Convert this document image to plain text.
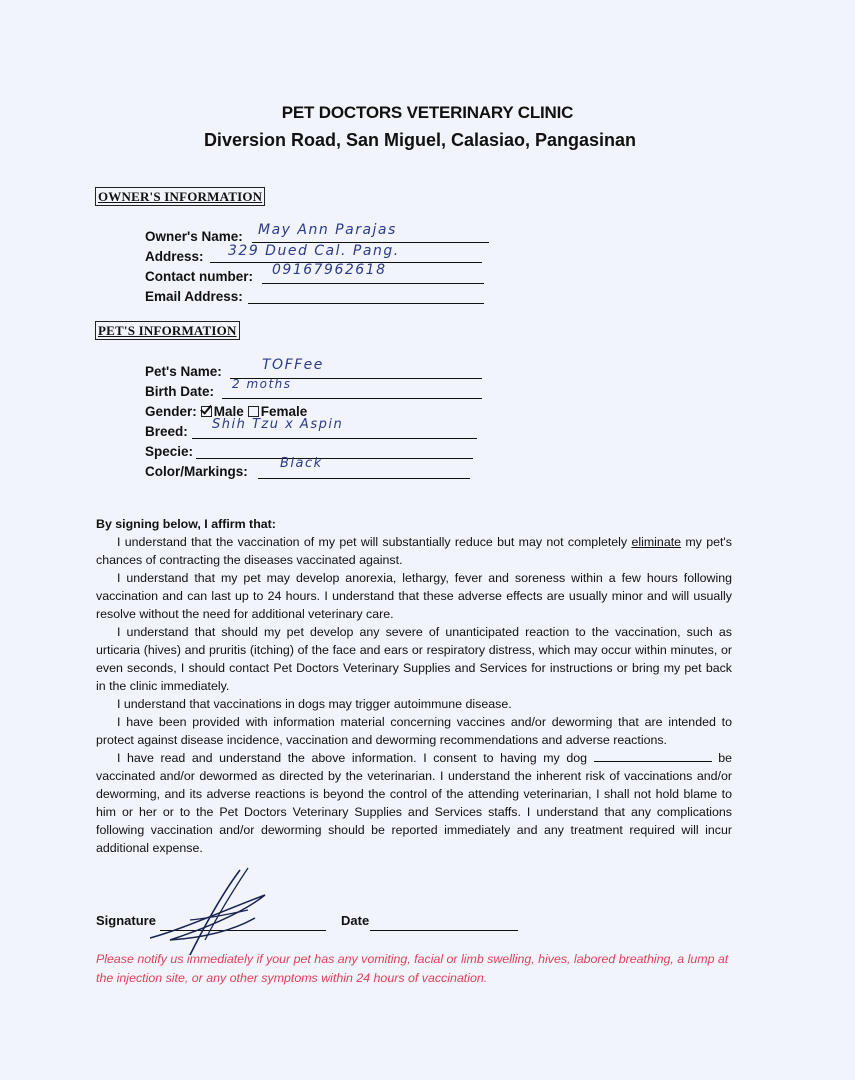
PET DOCTORS VETERINARY CLINIC
Diversion Road, San Miguel, Calasiao, Pangasinan
OWNER'S INFORMATION
Owner's Name: May Ann Parajas
Address: 329 Dued Cal. Pang.
Contact number: 09167962618
Email Address:
PET'S INFORMATION
Pet's Name:	TOFFee
Birth Date: 2 moths
Gender: Male Female
Breed: Shih Tzu x Aspin
Specie:
Color/Markings:
Black
By signing below, I affirm that:

I understand that the vaccination of my pet will substantially reduce but may not completely eliminate my pet's chances of contracting the diseases vaccinated against.

I understand that my pet may develop anorexia, lethargy, fever and soreness within a few hours following vaccination and can last up to 24 hours. I understand that these adverse effects are usually minor and will usually resolve without the need for additional veterinary care.

I understand that should my pet develop any severe of unanticipated reaction to the vaccination, such as urticaria (hives) and pruritis (itching) of the face and ears or respiratory distress, which may occur within minutes, or even seconds, I should contact Pet Doctors Veterinary Supplies and Services for instructions or bring my pet back in the clinic immediately.

I understand that vaccinations in dogs may trigger autoimmune disease.

I have been provided with information material concerning vaccines and/or deworming that are intended to protect against disease incidence, vaccination and deworming recommendations and adverse reactions.

I have read and understand the above information. I consent to having my dog	be vaccinated and/or dewormed as directed by the veterinarian. I understand the inherent risk of vaccinations and/or deworming, and its adverse reactions is beyond the control of the attending veterinarian, I shall not hold blame to him or her or to the Pet Doctors Veterinary Supplies and Services staffs. I understand that any complications following vaccination and/or deworming should be reported immediately and any treatment required will incur additional expense.

Signature	Date
Please notify us immediately if your pet has any vomiting, facial or limb swelling, hives, labored breathing, a lump at the injection site, or any other symptoms within 24 hours of vaccination.
